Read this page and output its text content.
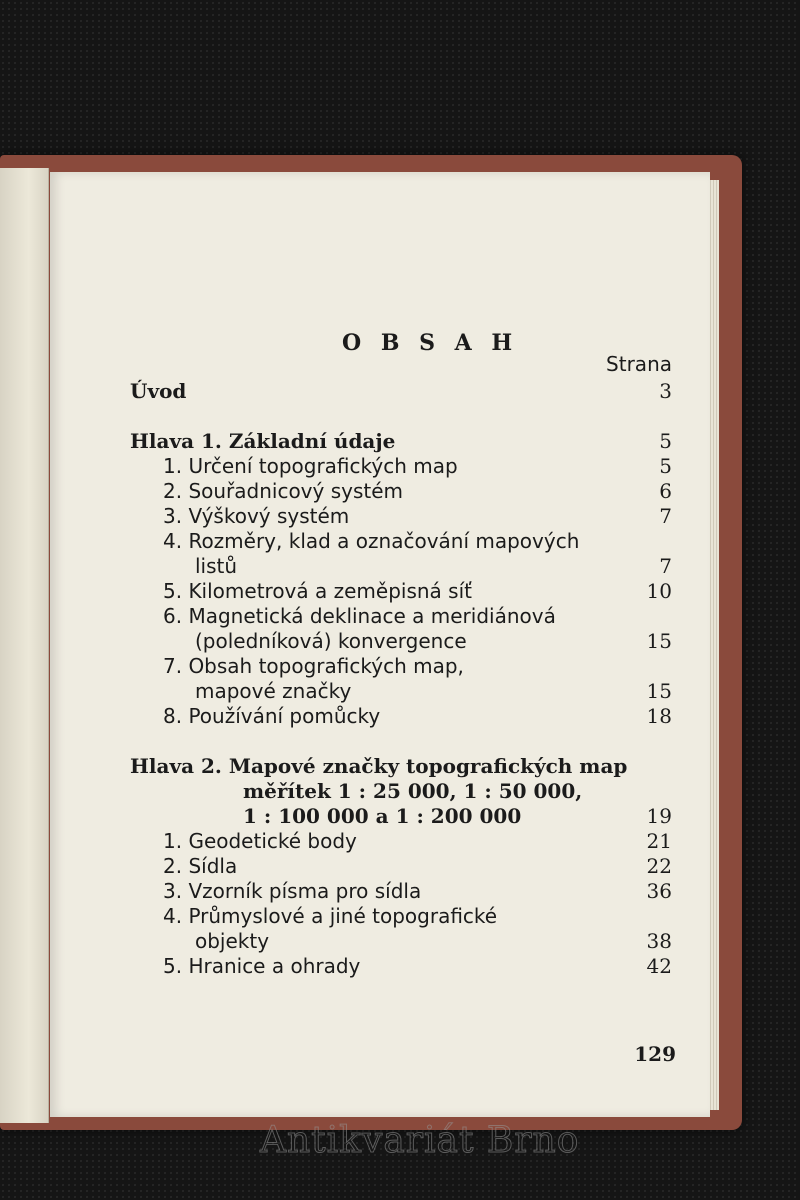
O B S A H
Strana
Úvod	3
Hlava 1. Základní údaje	5
1. Určení topografických map	5
2. Souřadnicový systém	6
3. Výškový systém	7
4. Rozměry, klad a označování mapových
listů	7
5. Kilometrová a zeměpisná síť	10
6. Magnetická deklinace a meridiánová
(poledníková) konvergence	15
7. Obsah topografických map,
mapové značky	15
8. Používání pomůcky	18
Hlava 2. Mapové značky topografických map
měřítek 1 : 25 000, 1 : 50 000,
1 : 100 000 a 1 : 200 000	19
1. Geodetické body	21
2. Sídla	22
3. Vzorník písma pro sídla	36
4. Průmyslové a jiné topografické
objekty	38
5. Hranice a ohrady	42
129
Antikvariát Brno
